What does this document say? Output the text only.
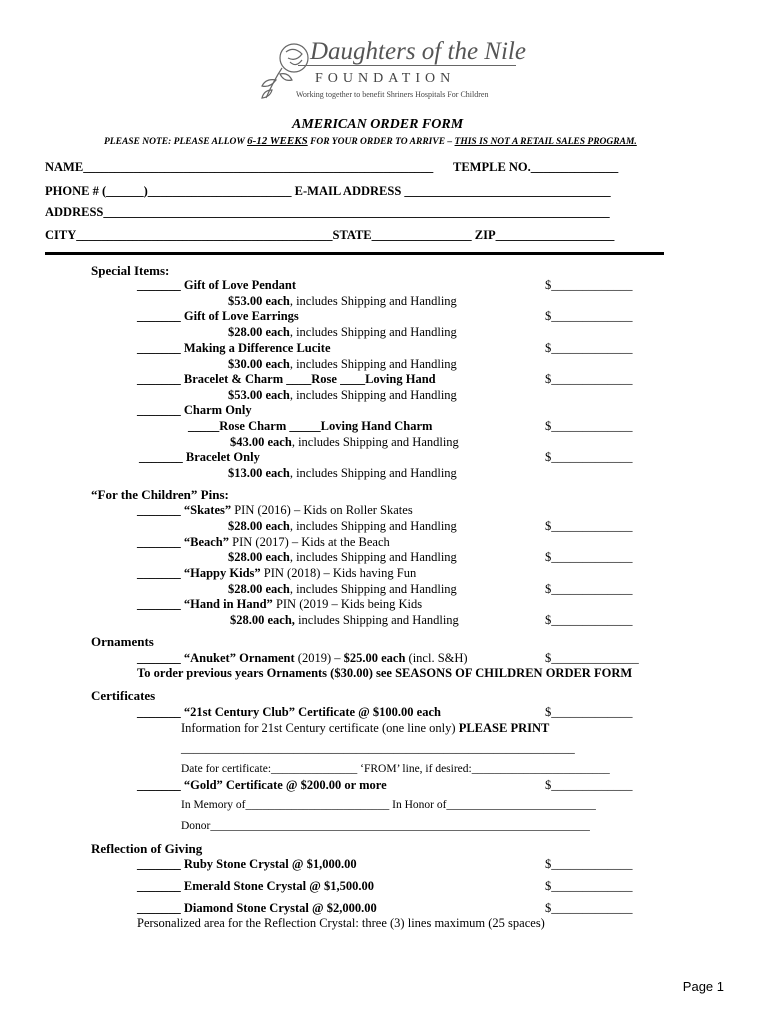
Daughters of the Nile
FOUNDATION
Working together to benefit Shriners Hospitals For Children
AMERICAN ORDER FORM
PLEASE NOTE: PLEASE ALLOW 6-12 WEEKS FOR YOUR ORDER TO ARRIVE – THIS IS NOT A RETAIL SALES PROGRAM.
NAME________________________________________________________ TEMPLE NO.______________
PHONE # (______)_______________________ E-MAIL ADDRESS _________________________________
ADDRESS_________________________________________________________________________________
CITY_________________________________________STATE________________ ZIP___________________
Special Items:
_______ Gift of Love Pendant	$_____________
$53.00 each, includes Shipping and Handling
_______ Gift of Love Earrings	$_____________
$28.00 each, includes Shipping and Handling
_______ Making a Difference Lucite	$_____________
$30.00 each, includes Shipping and Handling
_______ Bracelet & Charm ____Rose ____Loving Hand	$_____________
$53.00 each, includes Shipping and Handling
_______ Charm Only
_____Rose Charm _____Loving Hand Charm	$_____________
$43.00 each, includes Shipping and Handling
_______ Bracelet Only	$_____________
$13.00 each, includes Shipping and Handling
“For the Children” Pins:
_______ “Skates” PIN (2016) – Kids on Roller Skates
$28.00 each, includes Shipping and Handling	$_____________
_______ “Beach” PIN (2017) – Kids at the Beach
$28.00 each, includes Shipping and Handling	$_____________
_______ “Happy Kids” PIN (2018) – Kids having Fun
$28.00 each, includes Shipping and Handling	$_____________
_______ “Hand in Hand” PIN (2019 – Kids being Kids
$28.00 each, includes Shipping and Handling	$_____________
Ornaments
_______ “Anuket” Ornament (2019) – $25.00 each (incl. S&H)	$______________
To order previous years Ornaments ($30.00) see SEASONS OF CHILDREN ORDER FORM
Certificates
_______ “21st Century Club” Certificate @ $100.00 each	$_____________
Information for 21st Century certificate (one line only) PLEASE PRINT
_______________________________________________________________
Date for certificate:_______________ ‘FROM’ line, if desired:________________________
_______ “Gold” Certificate @ $200.00 or more	$_____________
In Memory of_________________________ In Honor of__________________________
Donor__________________________________________________________________
Reflection of Giving
_______ Ruby Stone Crystal @ $1,000.00	$_____________
_______ Emerald Stone Crystal @ $1,500.00	$_____________
_______ Diamond Stone Crystal @ $2,000.00	$_____________
Personalized area for the Reflection Crystal: three (3) lines maximum (25 spaces)
Page 1
